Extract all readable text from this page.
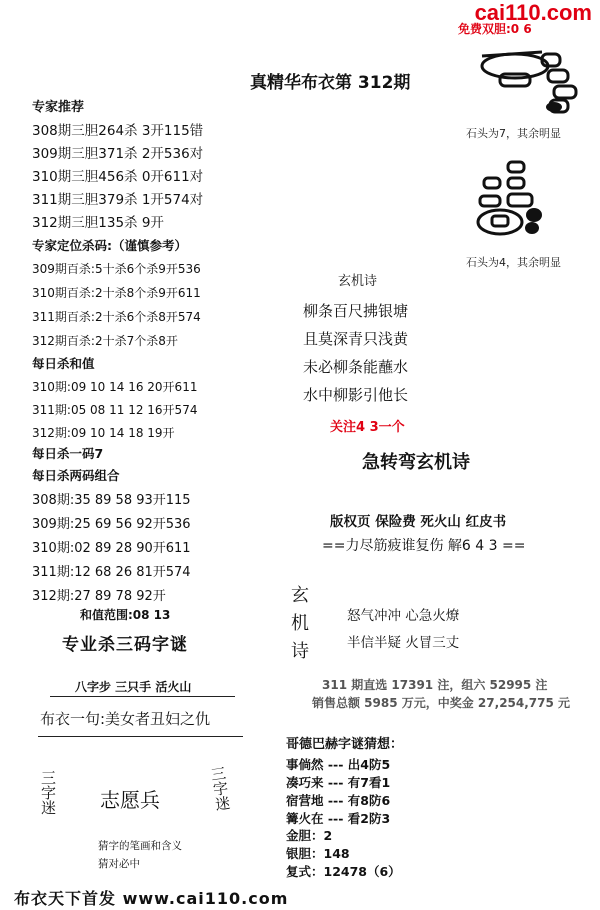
cai110.com
免费双胆:0 6
真精华布衣第 312期
专家推荐
308期三胆264杀 3开115错
309期三胆371杀 2开536对
310期三胆456杀 0开611对
311期三胆379杀 1开574对
312期三胆135杀 9开
专家定位杀码:（谨慎参考）
309期百杀:5十杀6个杀9开536
310期百杀:2十杀8个杀9开611
311期百杀:2十杀6个杀8开574
312期百杀:2十杀7个杀8开
每日杀和值
310期:09 10 14 16 20开611
311期:05 08 11 12 16开574
312期:09 10 14 18 19开
每日杀一码7
每日杀两码组合
308期:35 89 58 93开115
309期:25 69 56 92开536
310期:02 89 28 90开611
311期:12 68 26 81开574
312期:27 89 78 92开
和值范围:08 13
专业杀三码字谜
八字步 三只手 活火山
布衣一句:美女者丑妇之仇
三字迷 志愿兵	三字迷
猜字的笔画和含义
猜对必中
石头为7，其余明显
石头为4，其余明显
玄机诗
柳条百尺拂银塘
且莫深青只浅黄
未必柳条能蘸水
水中柳影引他长
关注4 3一个
急转弯玄机诗
版权页 保险费 死火山 红皮书
==力尽筋疲谁复伤 解6 4 3 ==
玄机诗	怒气冲冲 心急火燎
半信半疑 火冒三丈
311 期直选 17391 注，组六 52995 注
销售总额 5985 万元，中奖金 27,254,775 元
哥德巴赫字谜猜想：
事倘然 --- 出4防5
凑巧来 --- 有7看1
宿营地 --- 有8防6
篝火在 --- 看2防3
金胆：2
银胆：148
复式：12478（6）
布衣天下首发 www.cai110.com
